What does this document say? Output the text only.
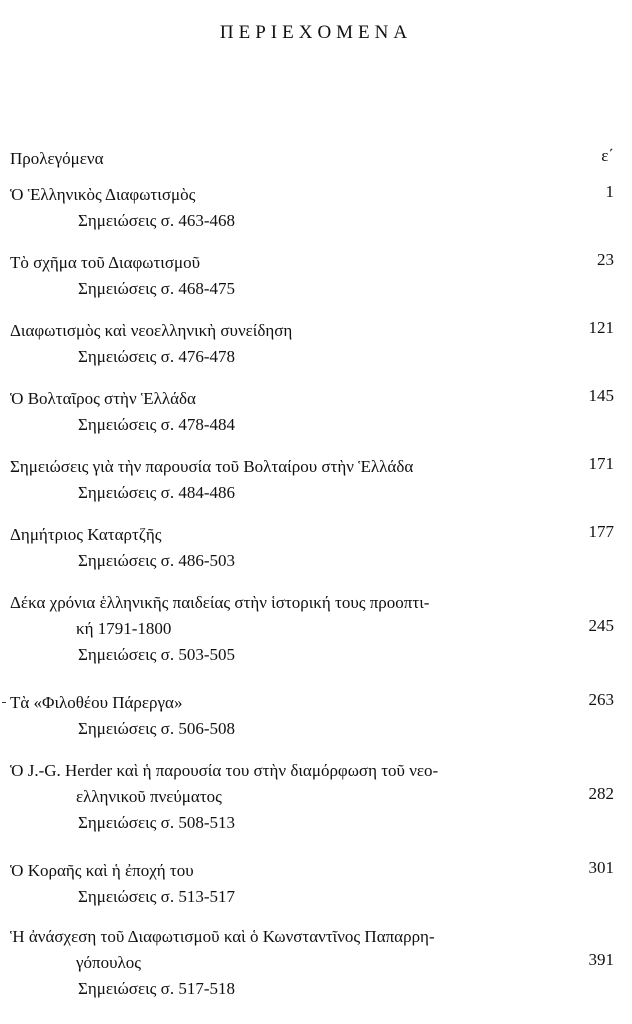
ΠΕΡΙΕΧΟΜΕΝΑ
Προλεγόμενα	ε΄
Ὁ Ἑλληνικὸς Διαφωτισμὸς	1
Σημειώσεις σ. 463-468
Τὸ σχῆμα τοῦ Διαφωτισμοῦ	23
Σημειώσεις σ. 468-475
Διαφωτισμὸς καὶ νεοελληνικὴ συνείδηση	121
Σημειώσεις σ. 476-478
Ὁ Βολταῖρος στὴν Ἑλλάδα	145
Σημειώσεις σ. 478-484
Σημειώσεις γιὰ τὴν παρουσία τοῦ Βολταίρου στὴν Ἑλλάδα	171
Σημειώσεις σ. 484-486
Δημήτριος Καταρτζῆς	177
Σημειώσεις σ. 486-503
Δέκα χρόνια ἑλληνικῆς παιδείας στὴν ἱστορική τους προοπτι-
κή 1791-1800	245
Σημειώσεις σ. 503-505
Τὰ «Φιλοθέου Πάρεργα»	263
Σημειώσεις σ. 506-508
Ὁ J.-G. Herder καὶ ἡ παρουσία του στὴν διαμόρφωση τοῦ νεο-
ελληνικοῦ πνεύματος	282
Σημειώσεις σ. 508-513
Ὁ Κοραῆς καὶ ἡ ἐποχή του	301
Σημειώσεις σ. 513-517
Ἡ ἀνάσχεση τοῦ Διαφωτισμοῦ καὶ ὁ Κωνσταντῖνος Παπαρρη-
γόπουλος	391
Σημειώσεις σ. 517-518
